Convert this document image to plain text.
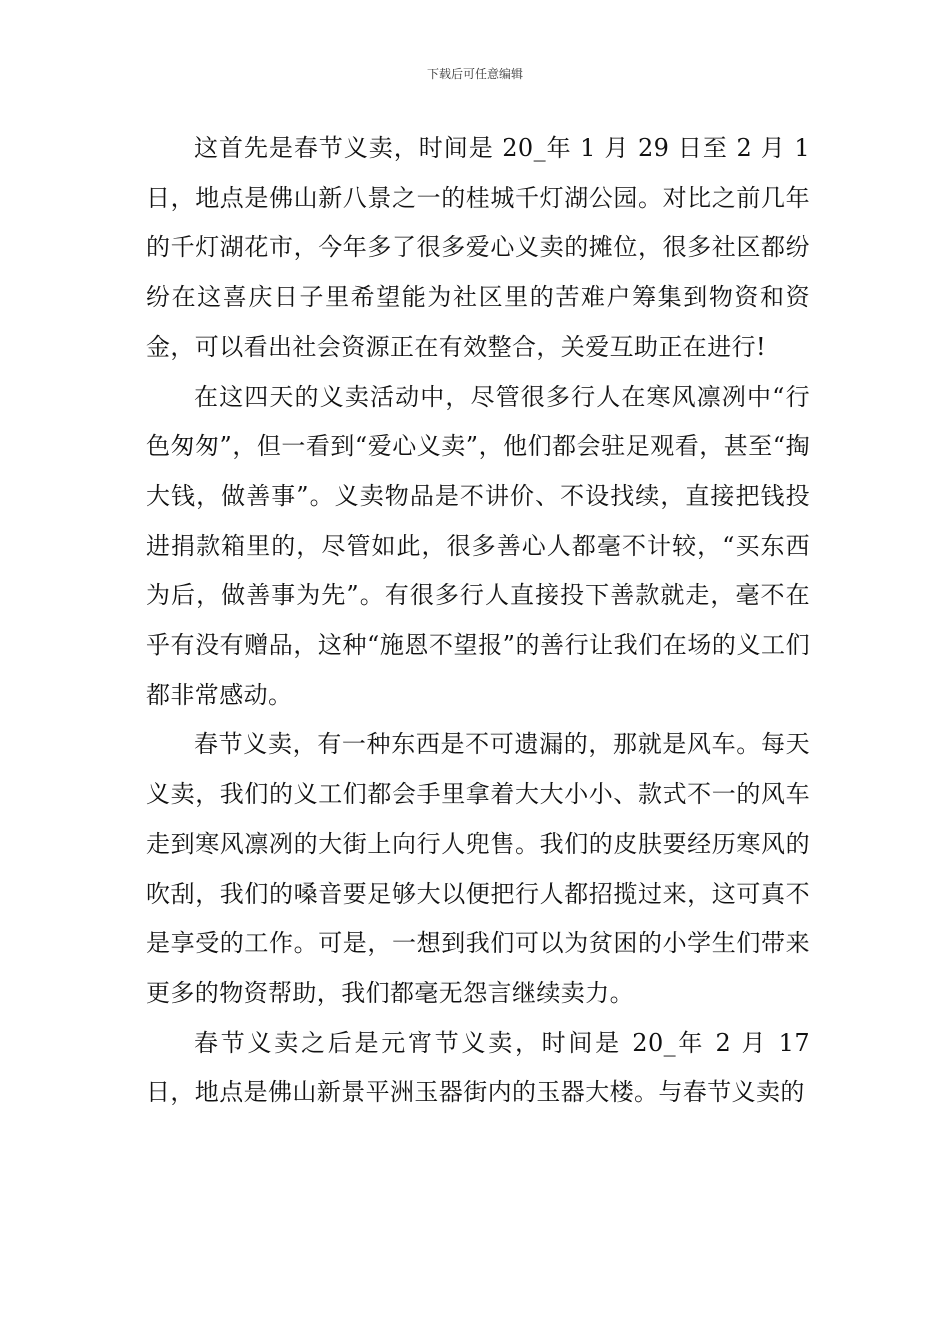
下载后可任意编辑

这首先是春节义卖，时间是 20_年 1 月 29 日至 2 月 1 日，地点是佛山新八景之一的桂城千灯湖公园。对比之前几年的千灯湖花市，今年多了很多爱心义卖的摊位，很多社区都纷纷在这喜庆日子里希望能为社区里的苦难户筹集到物资和资金，可以看出社会资源正在有效整合，关爱互助正在进行!

在这四天的义卖活动中，尽管很多行人在寒风凛冽中“行色匆匆”，但一看到“爱心义卖”，他们都会驻足观看，甚至“掏大钱，做善事”。义卖物品是不讲价、不设找续，直接把钱投进捐款箱里的，尽管如此，很多善心人都毫不计较，“买东西为后，做善事为先”。有很多行人直接投下善款就走，毫不在乎有没有赠品，这种“施恩不望报”的善行让我们在场的义工们都非常感动。

春节义卖，有一种东西是不可遗漏的，那就是风车。每天义卖，我们的义工们都会手里拿着大大小小、款式不一的风车走到寒风凛冽的大街上向行人兜售。我们的皮肤要经历寒风的吹刮，我们的嗓音要足够大以便把行人都招揽过来，这可真不是享受的工作。可是，一想到我们可以为贫困的小学生们带来更多的物资帮助，我们都毫无怨言继续卖力。

春节义卖之后是元宵节义卖，时间是 20_年 2 月 17 日，地点是佛山新景平洲玉器街内的玉器大楼。与春节义卖的
